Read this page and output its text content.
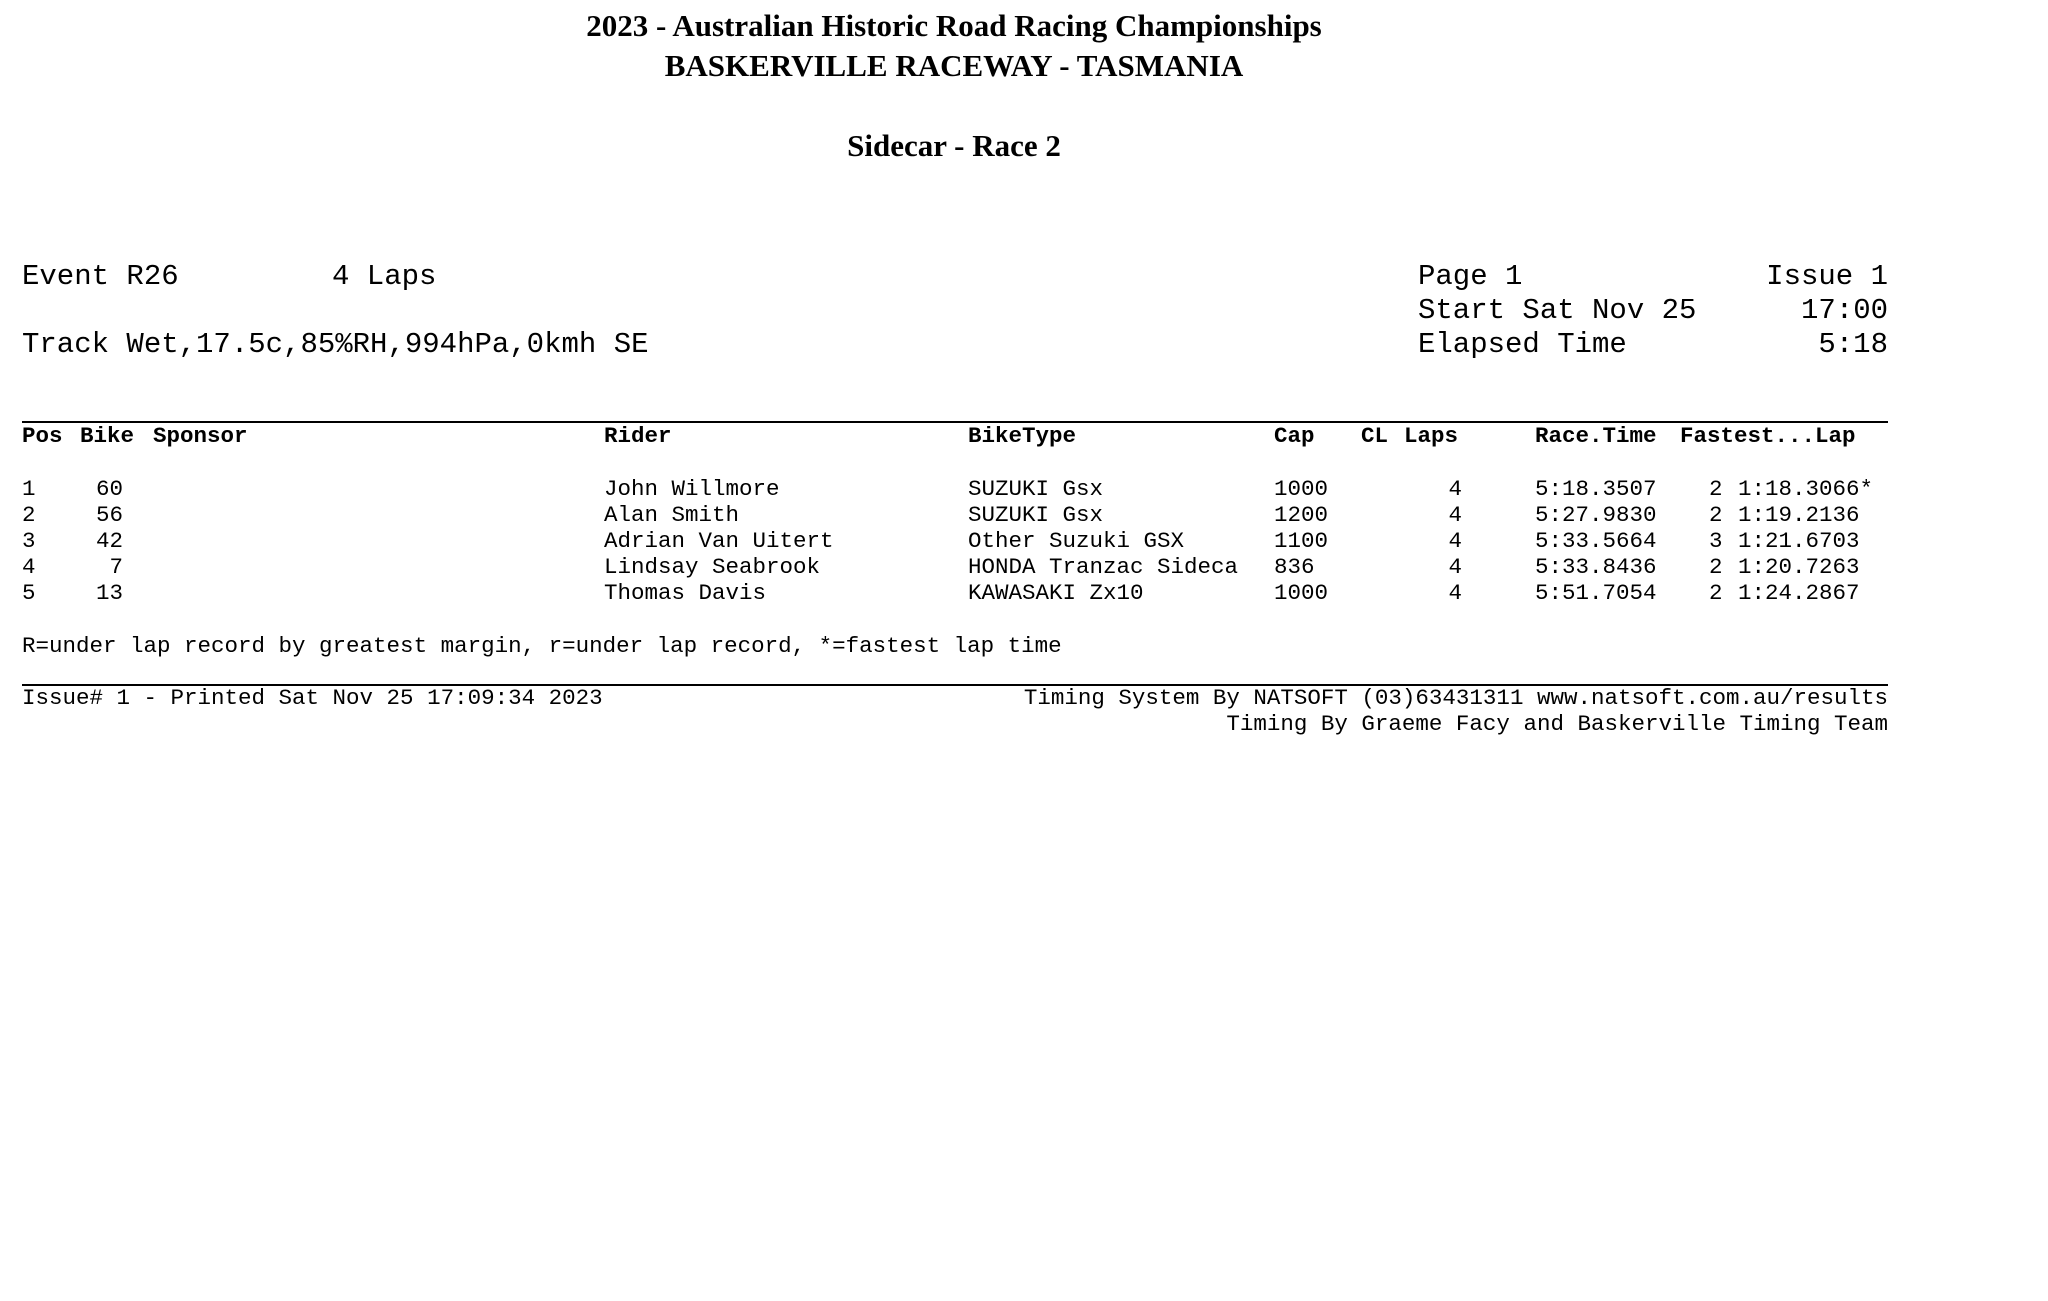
2023 - Australian Historic Road Racing Championships
BASKERVILLE RACEWAY - TASMANIA
Sidecar - Race 2
Event R26	4 Laps
Track Wet,17.5c,85%RH,994hPa,0kmh SE
Page 1	Issue 1
Start Sat Nov 25	17:00
Elapsed Time	5:18
Pos Bike Sponsor	Rider	BikeType	Cap CL Laps	Race.Time Fastest...Lap
1	60	John Willmore	SUZUKI Gsx	1000	4	5:18.3507 2 1:18.3066*
2	56	Alan Smith	SUZUKI Gsx	1200	4	5:27.9830 2 1:19.2136
3	42	Adrian Van Uitert	Other Suzuki GSX	1100	4	5:33.5664 3 1:21.6703
4	7	Lindsay Seabrook	HONDA Tranzac Sideca 836	4	5:33.8436 2 1:20.7263
5	13	Thomas Davis	KAWASAKI Zx10	1000	4	5:51.7054 2 1:24.2867
R=under lap record by greatest margin, r=under lap record, *=fastest lap time
Issue# 1 - Printed Sat Nov 25 17:09:34 2023	Timing System By NATSOFT (03)63431311 www.natsoft.com.au/results
Timing By Graeme Facy and Baskerville Timing Team
